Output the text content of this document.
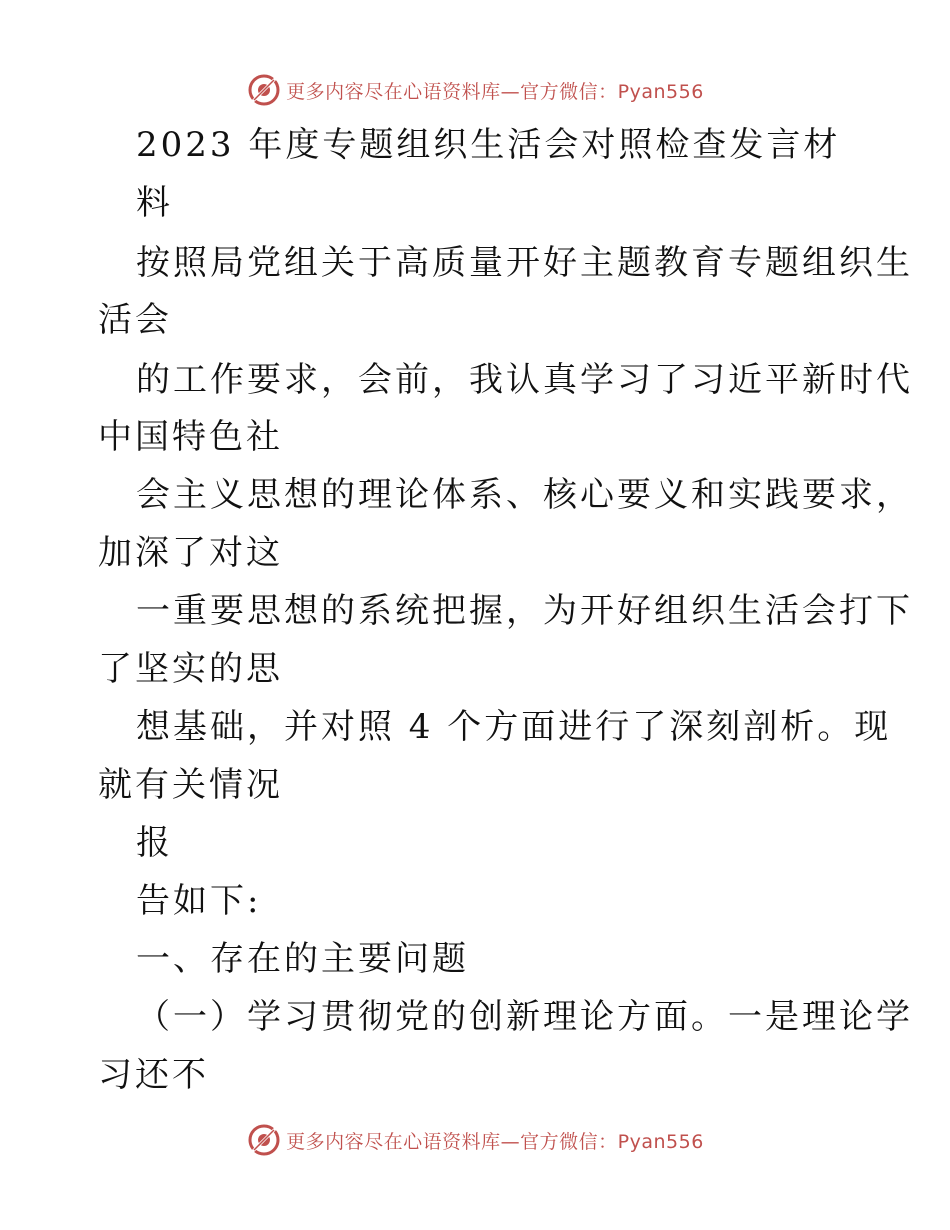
更多内容尽在心语资料库—官方微信：Pyan556
2023 年度专题组织生活会对照检查发言材
料
按照局党组关于高质量开好主题教育专题组织生
活会
的工作要求，会前，我认真学习了习近平新时代
中国特色社
会主义思想的理论体系、核心要义和实践要求，
加深了对这
一重要思想的系统把握，为开好组织生活会打下
了坚实的思
想基础，并对照 4 个方面进行了深刻剖析。现
就有关情况
报
告如下:
一、存在的主要问题
（一）学习贯彻党的创新理论方面。一是理论学
习还不
更多内容尽在心语资料库—官方微信：Pyan556
